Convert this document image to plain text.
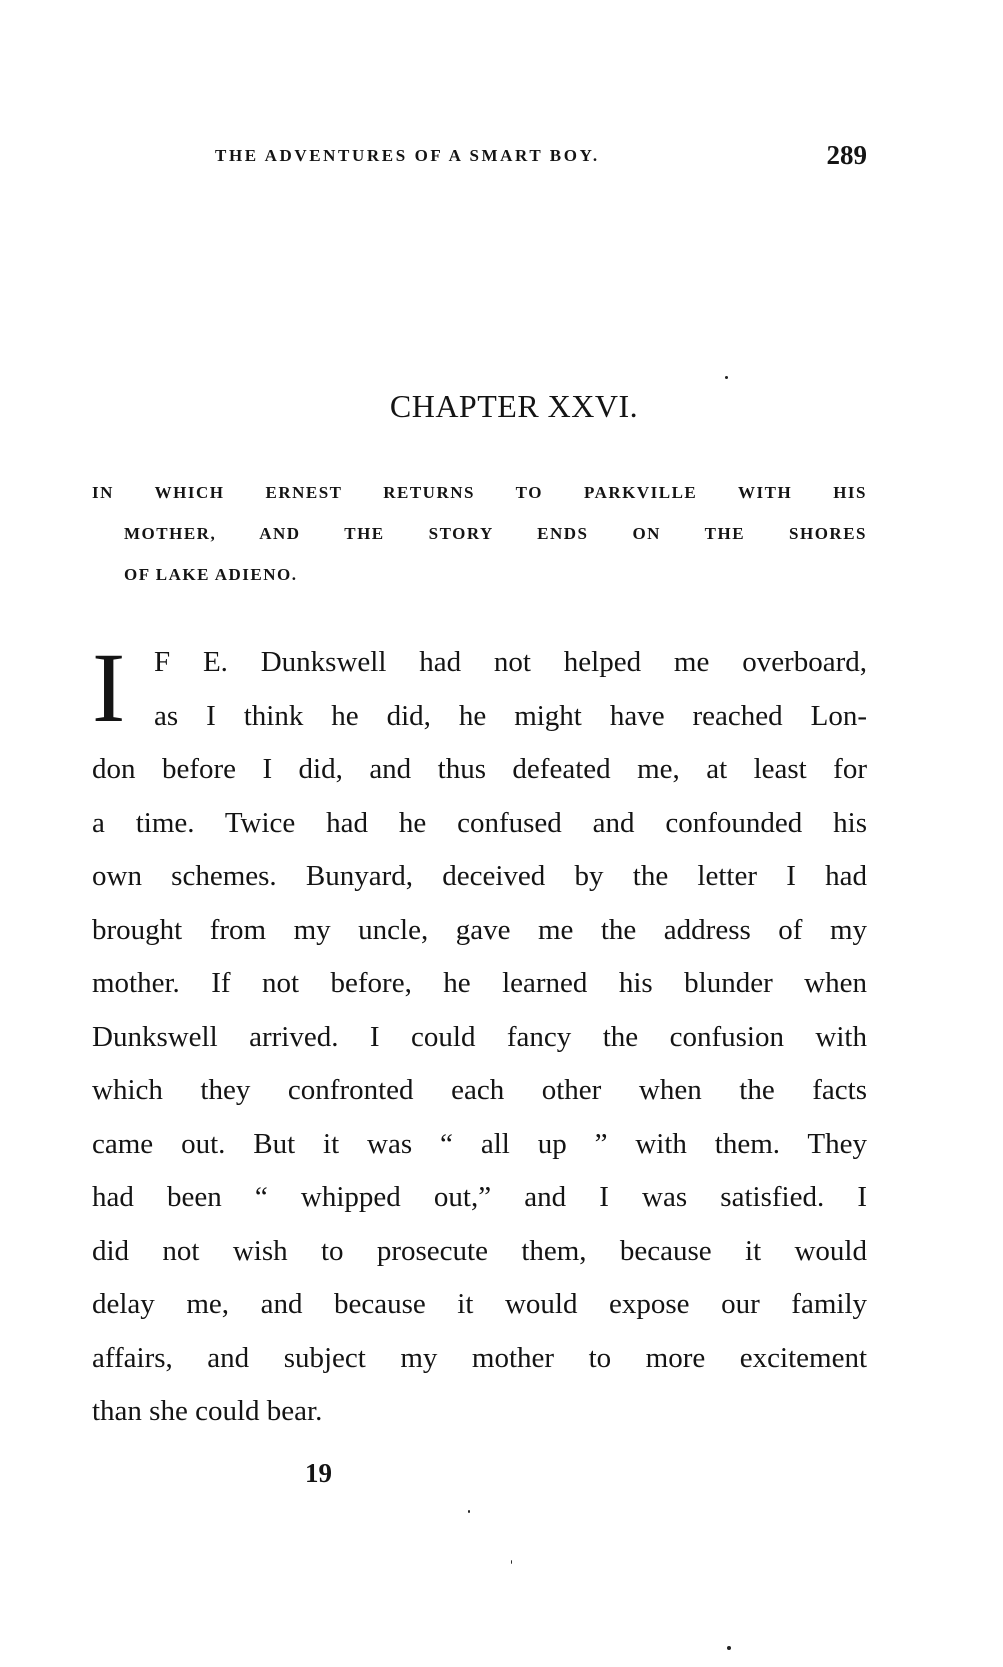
THE ADVENTURES OF A SMART BOY.	289
CHAPTER XXVI.
IN WHICH ERNEST RETURNS TO PARKVILLE WITH HIS
MOTHER, AND THE STORY ENDS ON THE SHORES
OF LAKE ADIENO.
I F E. Dunkswell had not helped me overboard,
as I think he did, he might have reached Lon-
don before I did, and thus defeated me, at least for
a time. Twice had he confused and confounded his
own schemes. Bunyard, deceived by the letter I had
brought from my uncle, gave me the address of my
mother. If not before, he learned his blunder when
Dunkswell arrived. I could fancy the confusion with
which they confronted each other when the facts
came out. But it was “ all up ” with them. They
had been “ whipped out,” and I was satisfied. I
did not wish to prosecute them, because it would
delay me, and because it would expose our family
affairs, and subject my mother to more excitement
than she could bear.
19
